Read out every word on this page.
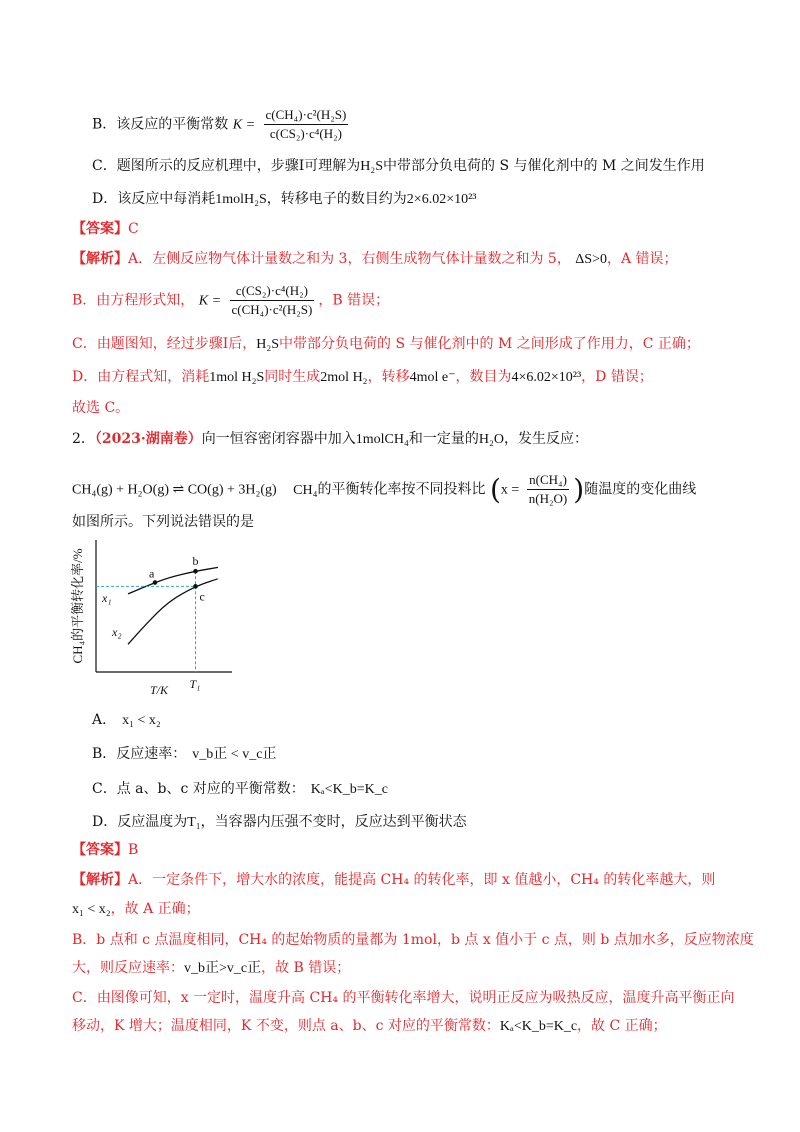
B．该反应的平衡常数 $K = \frac{\text{c(CH₄)·c²(H₂S)}}{\text{c(CS₂)·c⁴(H₂)}}$
C．题图所示的反应机理中，步骤Ⅰ可理解为H₂S中带部分负电荷的 S 与催化剂中的 M 之间发生作用
D．该反应中每消耗1molH₂S，转移电子的数目约为2×6.02×10²³
【答案】C
【解析】A．左侧反应物气体计量数之和为 3，右侧生成物气体计量数之和为 5， ΔS>0，A 错误；
B．由方程形式知， $K = \frac{\text{c(CS₂)·c⁴(H₂)}}{\text{c(CH₄)·c²(H₂S)}}$ ，B 错误；
C．由题图知，经过步骤Ⅰ后，H₂S中带部分负电荷的 S 与催化剂中的 M 之间形成了作用力，C 正确；
D．由方程式知，消耗1mol H₂S同时生成2mol H₂，转移4mol e⁻，数目为4×6.02×10²³，D 错误；
故选 C。
2．（2023·湖南卷）向一恒容密闭容器中加入1molCH₄和一定量的H₂O，发生反应：
CH₄(g) + H₂O(g) ⇌ CO(g) + 3H₂(g) CH₄的平衡转化率按不同投料比 ($x = \frac{\text{n(CH₄)}}{\text{n(H₂O)}}$ )随温度的变化曲线
如图所示。下列说法错误的是
CH₄的平衡转化率/%	a
b
c
x₁
x₂
T/K T₁
A． x₁ < x₂
B．反应速率： v_b正 < v_c正
C．点 a、b、c 对应的平衡常数： Kₐ<K_b=K_c
D．反应温度为T₁，当容器内压强不变时，反应达到平衡状态
【答案】B
【解析】A．一定条件下，增大水的浓度，能提高 CH₄ 的转化率，即 x 值越小，CH₄ 的转化率越大，则
x₁ < x₂，故 A 正确；
B．b 点和 c 点温度相同，CH₄ 的起始物质的量都为 1mol，b 点 x 值小于 c 点，则 b 点加水多，反应物浓度
大，则反应速率：v_b正>v_c正，故 B 错误；
C．由图像可知，x 一定时，温度升高 CH₄ 的平衡转化率增大，说明正反应为吸热反应，温度升高平衡正向
移动，K 增大；温度相同，K 不变，则点 a、b、c 对应的平衡常数：Kₐ<K_b=K_c，故 C 正确；
